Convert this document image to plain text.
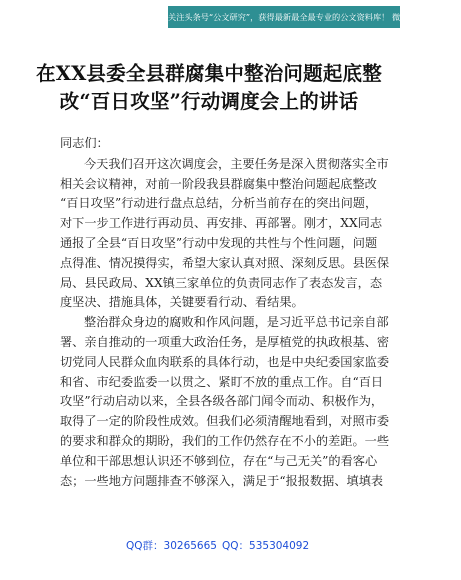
关注头条号“公文研究”，获得最新最全最专业的公文资料库！ 微信：gongwenyj
在XX县委全县群腐集中整治问题起底整
改“百日攻坚”行动调度会上的讲话
同志们：
今天我们召开这次调度会，主要任务是深入贯彻落实全市
相关会议精神，对前一阶段我县群腐集中整治问题起底整改
“百日攻坚”行动进行盘点总结，分析当前存在的突出问题，
对下一步工作进行再动员、再安排、再部署。刚才，XX同志
通报了全县“百日攻坚”行动中发现的共性与个性问题，问题
点得准、情况摸得实，希望大家认真对照、深刻反思。县医保
局、县民政局、XX镇三家单位的负责同志作了表态发言，态
度坚决、措施具体，关键要看行动、看结果。
整治群众身边的腐败和作风问题，是习近平总书记亲自部
署、亲自推动的一项重大政治任务，是厚植党的执政根基、密
切党同人民群众血肉联系的具体行动，也是中央纪委国家监委
和省、市纪委监委一以贯之、紧盯不放的重点工作。自“百日
攻坚”行动启动以来，全县各级各部门闻令而动、积极作为，
取得了一定的阶段性成效。但我们必须清醒地看到，对照市委
的要求和群众的期盼，我们的工作仍然存在不小的差距。一些
单位和干部思想认识还不够到位，存在“与己无关”的看客心
态；一些地方问题排查不够深入，满足于“报报数据、填填表
QQ群：30265665 QQ：535304092
